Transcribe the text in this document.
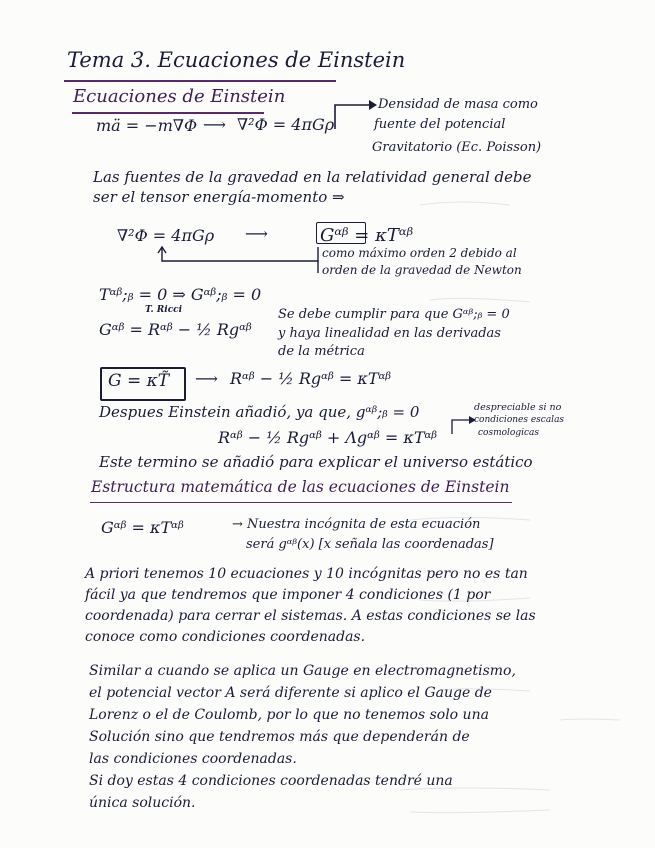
Tema 3. Ecuaciones de Einstein
Ecuaciones de Einstein
mä = −m∇Φ ⟶ ∇²Φ = 4πGρ
Densidad de masa como
fuente del potencial
Gravitatorio (Ec. Poisson)
Las fuentes de la gravedad en la relatividad general debe
ser el tensor energía-momento ⇒
∇²Φ = 4πGρ ⟶	Gᵅᵝ = κTᵅᵝ
como máximo orden 2 debido al
orden de la gravedad de Newton
Tᵅᵝ;ᵦ = 0 ⇒ Gᵅᵝ;ᵦ = 0
T. Ricci
Gᵅᵝ = Rᵅᵝ − ½ Rgᵅᵝ
Se debe cumplir para que Gᵅᵝ;ᵦ = 0
y haya linealidad en las derivadas
de la métrica
G = κT̃ ⟶ Rᵅᵝ − ½ Rgᵅᵝ = κTᵅᵝ
Despues Einstein añadió, ya que, gᵅᵝ;ᵦ = 0
Rᵅᵝ − ½ Rgᵅᵝ + Λgᵅᵝ = κTᵅᵝ
despreciable si no
condiciones escalas
cosmologicas
Este termino se añadió para explicar el universo estático
Estructura matemática de las ecuaciones de Einstein
Gᵅᵝ = κTᵅᵝ	→ Nuestra incógnita de esta ecuación
será gᵅᵝ(x) [x señala las coordenadas]
A priori tenemos 10 ecuaciones y 10 incógnitas pero no es tan
fácil ya que tendremos que imponer 4 condiciones (1 por
coordenada) para cerrar el sistemas. A estas condiciones se las
conoce como condiciones coordenadas.
Similar a cuando se aplica un Gauge en electromagnetismo,
el potencial vector A será diferente si aplico el Gauge de
Lorenz o el de Coulomb, por lo que no tenemos solo una
Solución sino que tendremos más que dependerán de
las condiciones coordenadas.
Si doy estas 4 condiciones coordenadas tendré una
única solución.
